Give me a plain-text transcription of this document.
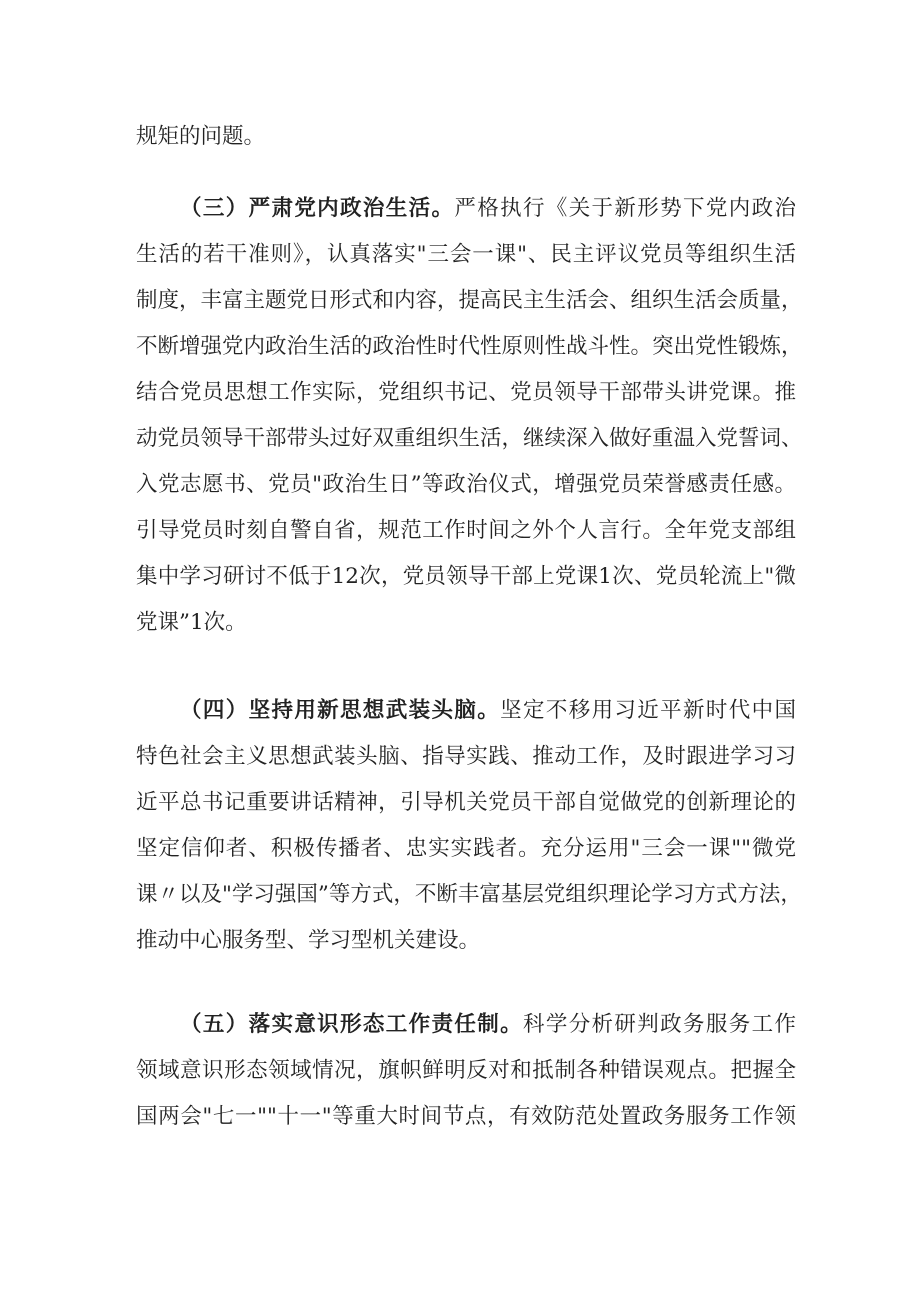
规矩的问题。
（三）严肃党内政治生活。严格执行《关于新形势下党内政治
生活的若干准则》，认真落实"三会一课"、民主评议党员等组织生活
制度，丰富主题党日形式和内容，提高民主生活会、组织生活会质量，
不断增强党内政治生活的政治性时代性原则性战斗性。突出党性锻炼，
结合党员思想工作实际，党组织书记、党员领导干部带头讲党课。推
动党员领导干部带头过好双重组织生活，继续深入做好重温入党誓词、
入党志愿书、党员"政治生日”等政治仪式，增强党员荣誉感责任感。
引导党员时刻自警自省，规范工作时间之外个人言行。全年党支部组
集中学习研讨不低于12次，党员领导干部上党课1次、党员轮流上"微
党课”1次。
（四）坚持用新思想武装头脑。坚定不移用习近平新时代中国
特色社会主义思想武装头脑、指导实践、推动工作，及时跟进学习习
近平总书记重要讲话精神，引导机关党员干部自觉做党的创新理论的
坚定信仰者、积极传播者、忠实实践者。充分运用"三会一课""微党
课〃以及"学习强国”等方式，不断丰富基层党组织理论学习方式方法，
推动中心服务型、学习型机关建设。
（五）落实意识形态工作责任制。科学分析研判政务服务工作
领域意识形态领域情况，旗帜鲜明反对和抵制各种错误观点。把握全
国两会"七一""十一"等重大时间节点，有效防范处置政务服务工作领
